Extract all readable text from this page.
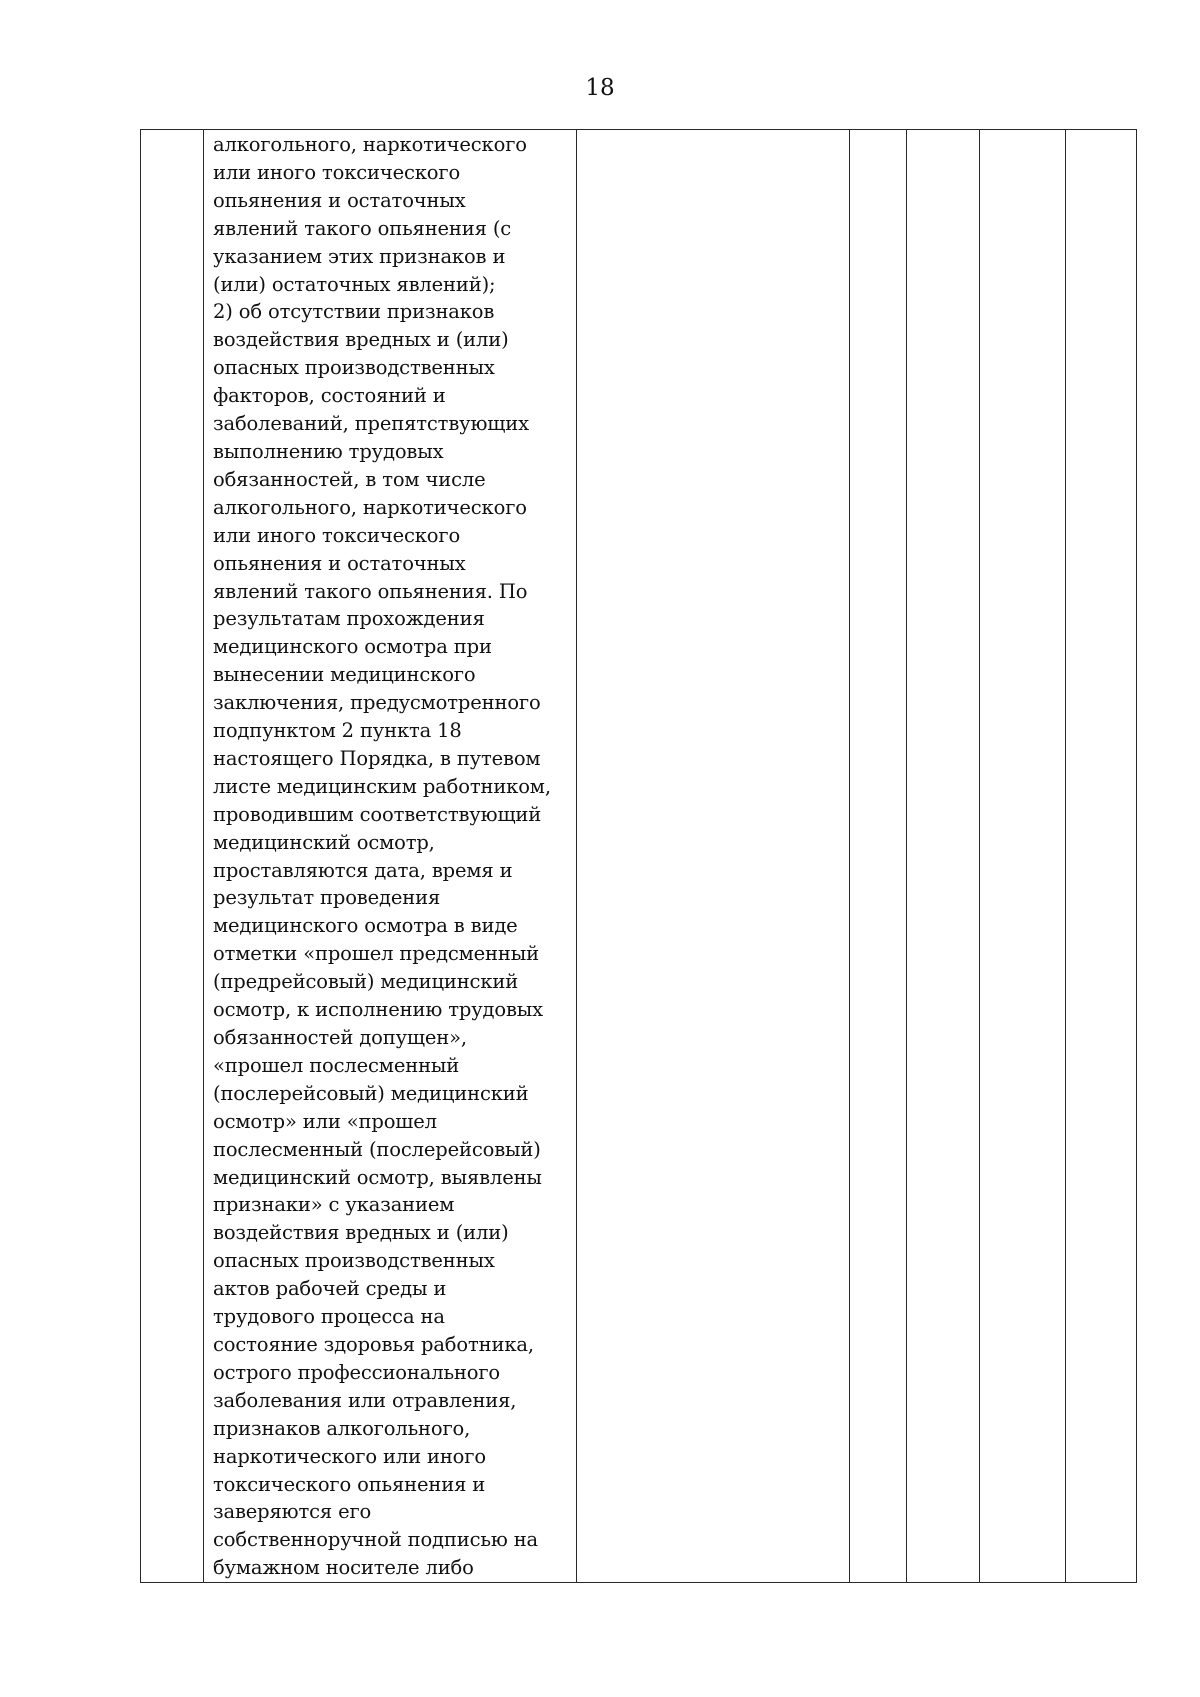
18

алкогольного, наркотического
или иного токсического
опьянения и остаточных
явлений такого опьянения (с
указанием этих признаков и
(или) остаточных явлений);
2) об отсутствии признаков
воздействия вредных и (или)
опасных производственных
факторов, состояний и
заболеваний, препятствующих
выполнению трудовых
обязанностей, в том числе
алкогольного, наркотического
или иного токсического
опьянения и остаточных
явлений такого опьянения. По
результатам прохождения
медицинского осмотра при
вынесении медицинского
заключения, предусмотренного
подпунктом 2 пункта 18
настоящего Порядка, в путевом
листе медицинским работником,
проводившим соответствующий
медицинский осмотр,
проставляются дата, время и
результат проведения
медицинского осмотра в виде
отметки «прошел предсменный
(предрейсовый) медицинский
осмотр, к исполнению трудовых
обязанностей допущен»,
«прошел послесменный
(послерейсовый) медицинский
осмотр» или «прошел
послесменный (послерейсовый)
медицинский осмотр, выявлены
признаки» с указанием
воздействия вредных и (или)
опасных производственных
актов рабочей среды и
трудового процесса на
состояние здоровья работника,
острого профессионального
заболевания или отравления,
признаков алкогольного,
наркотического или иного
токсического опьянения и
заверяются его
собственноручной подписью на
бумажном носителе либо
